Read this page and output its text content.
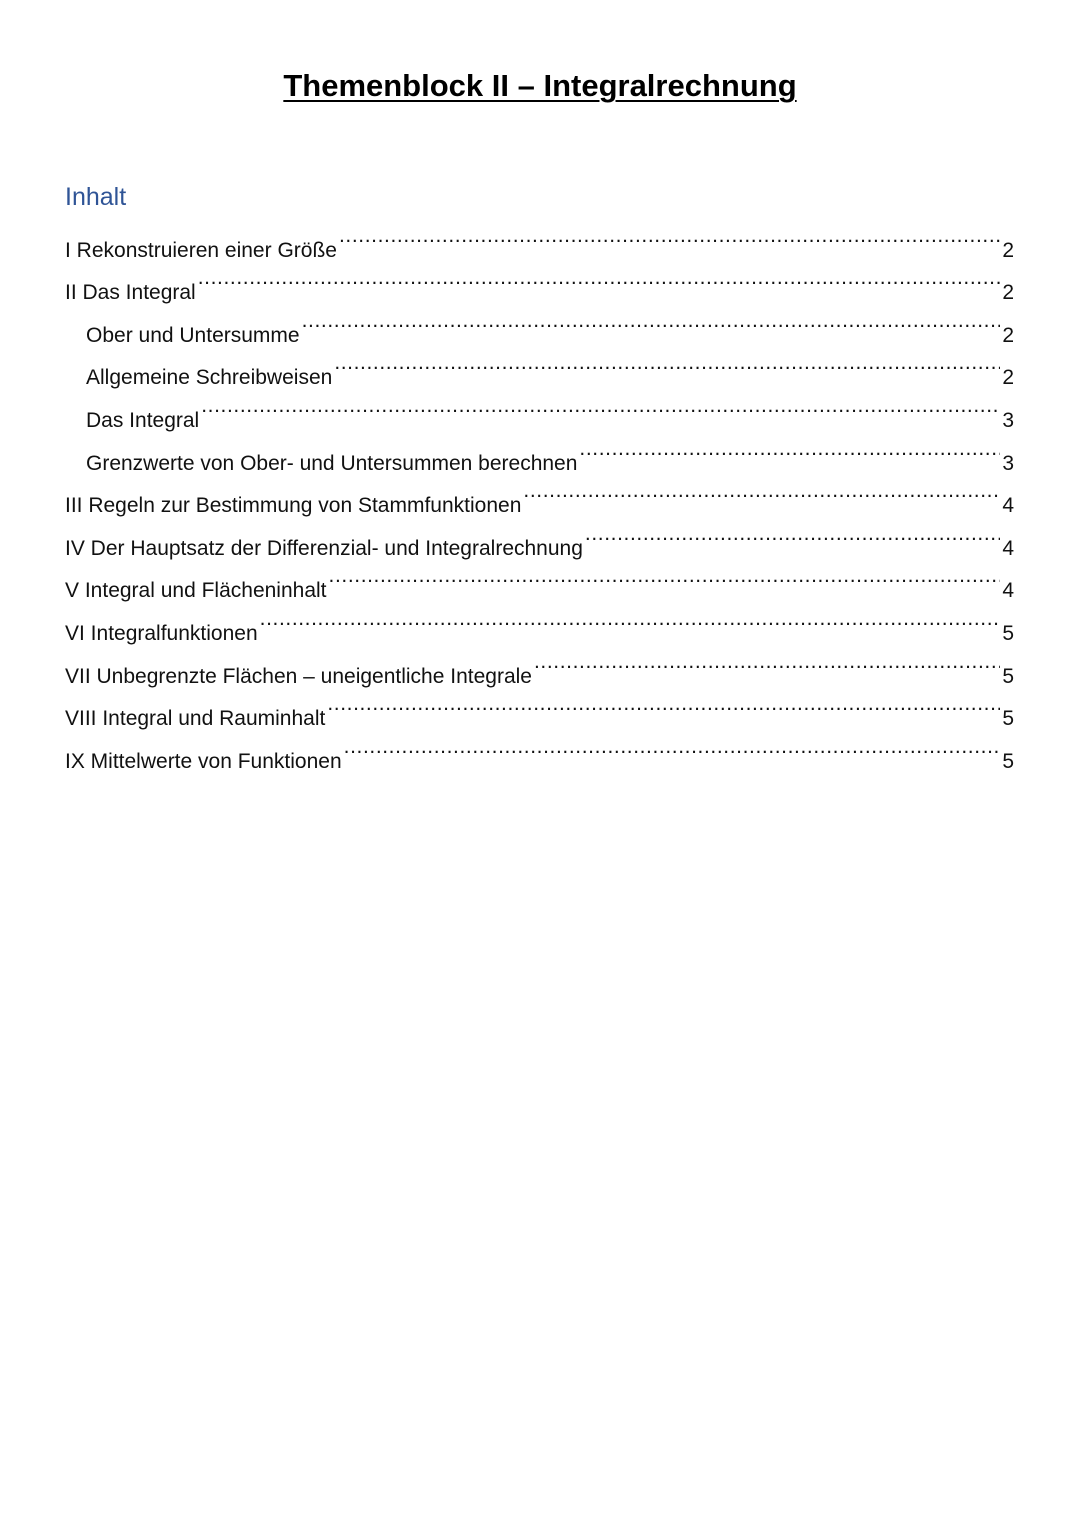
Themenblock II – Integralrechnung
Inhalt
I Rekonstruieren einer Größe .....	2
II Das Integral .....	2
Ober und Untersumme .....	2
Allgemeine Schreibweisen .....	2
Das Integral .....	3
Grenzwerte von Ober- und Untersummen berechnen .....	3
III Regeln zur Bestimmung von Stammfunktionen .....	4
IV Der Hauptsatz der Differenzial- und Integralrechnung .....	4
V Integral und Flächeninhalt .....	4
VI Integralfunktionen .....	5
VII Unbegrenzte Flächen – uneigentliche Integrale .....	5
VIII Integral und Rauminhalt .....	5
IX Mittelwerte von Funktionen .....	5
